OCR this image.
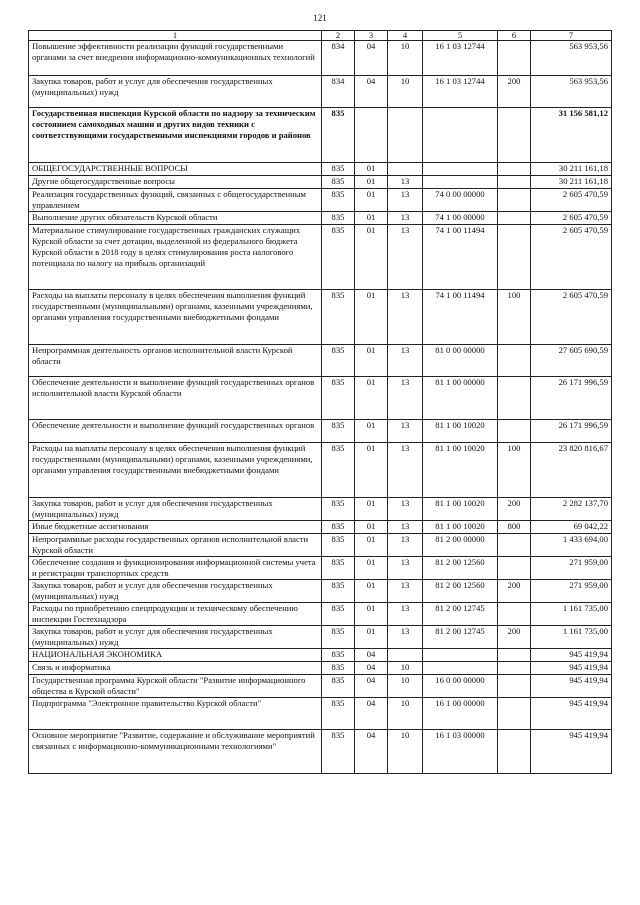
121
1	2	3	4	5	6	7
Повышение эффективности реализации функций государственными органами за счет внедрения информационно-коммуникационных технологий	834	04	10	16 1 03 12744		563 953,56
Закупка товаров, работ и услуг для обеспечения государственных (муниципальных) нужд	834	04	10	16 1 03 12744	200	563 953,56
Государственная инспекция Курской области по надзору за техническим состоянием самоходных машин и других видов техники с соответствующими государственными инспекциями городов и районов	835					31 156 581,12
ОБЩЕГОСУДАРСТВЕННЫЕ ВОПРОСЫ	835	01				30 211 161,18
Другие общегосударственные вопросы	835	01	13			30 211 161,18
Реализация государственных функций, связанных с общегосударственным управлением	835	01	13	74 0 00 00000		2 605 470,59
Выполнение других обязательств Курской области	835	01	13	74 1 00 00000		2 605 470,59
Материальное стимулирование государственных гражданских служащих Курской области за счет дотации, выделенной из федерального бюджета Курской области в 2018 году в целях стимулирования роста налогового потенциала по налогу на прибыль организаций	835	01	13	74 1 00 11494		2 605 470,59
Расходы на выплаты персоналу в целях обеспечения выполнения функций государственными (муниципальными) органами, казенными учреждениями, органами управления государственными внебюджетными фондами	835	01	13	74 1 00 11494	100	2 605 470,59
Непрограммная деятельность органов исполнительной власти Курской области	835	01	13	81 0 00 00000		27 605 690,59
Обеспечение деятельности и выполнение функций государственных органов исполнительной власти Курской области	835	01	13	81 1 00 00000		26 171 996,59
Обеспечение деятельности и выполнение функций государственных органов	835	01	13	81 1 00 10020		26 171 996,59
Расходы на выплаты персоналу в целях обеспечения выполнения функций государственными (муниципальными) органами, казенными учреждениями, органами управления государственными внебюджетными фондами	835	01	13	81 1 00 10020	100	23 820 816,67
Закупка товаров, работ и услуг для обеспечения государственных (муниципальных) нужд	835	01	13	81 1 00 10020	200	2 282 137,70
Иные бюджетные ассигнования	835	01	13	81 1 00 10020	800	69 042,22
Непрограммные расходы государственных органов исполнительной власти Курской области	835	01	13	81 2 00 00000		1 433 694,00
Обеспечение создания и функционирования информационной системы учета и регистрации транспортных средств	835	01	13	81 2 00 12560		271 959,00
Закупка товаров, работ и услуг для обеспечения государственных (муниципальных) нужд	835	01	13	81 2 00 12560	200	271 959,00
Расходы по приобретению спецпродукции и техническому обеспечению инспекции Гостехнадзора	835	01	13	81 2 00 12745		1 161 735,00
Закупка товаров, работ и услуг для обеспечения государственных (муниципальных) нужд	835	01	13	81 2 00 12745	200	1 161 735,00
НАЦИОНАЛЬНАЯ ЭКОНОМИКА	835	04				945 419,94
Связь и информатика	835	04	10			945 419,94
Государственная программа Курской области "Развитие информационного общества в Курской области"	835	04	10	16 0 00 00000		945 419,94
Подпрограмма "Электронное правительство Курской области"	835	04	10	16 1 00 00000		945 419,94
Основное мероприятие "Развитие, содержание и обслуживание мероприятий связанных с информационно-коммуникационными технологиями"	835	04	10	16 1 03 00000		945 419,94
